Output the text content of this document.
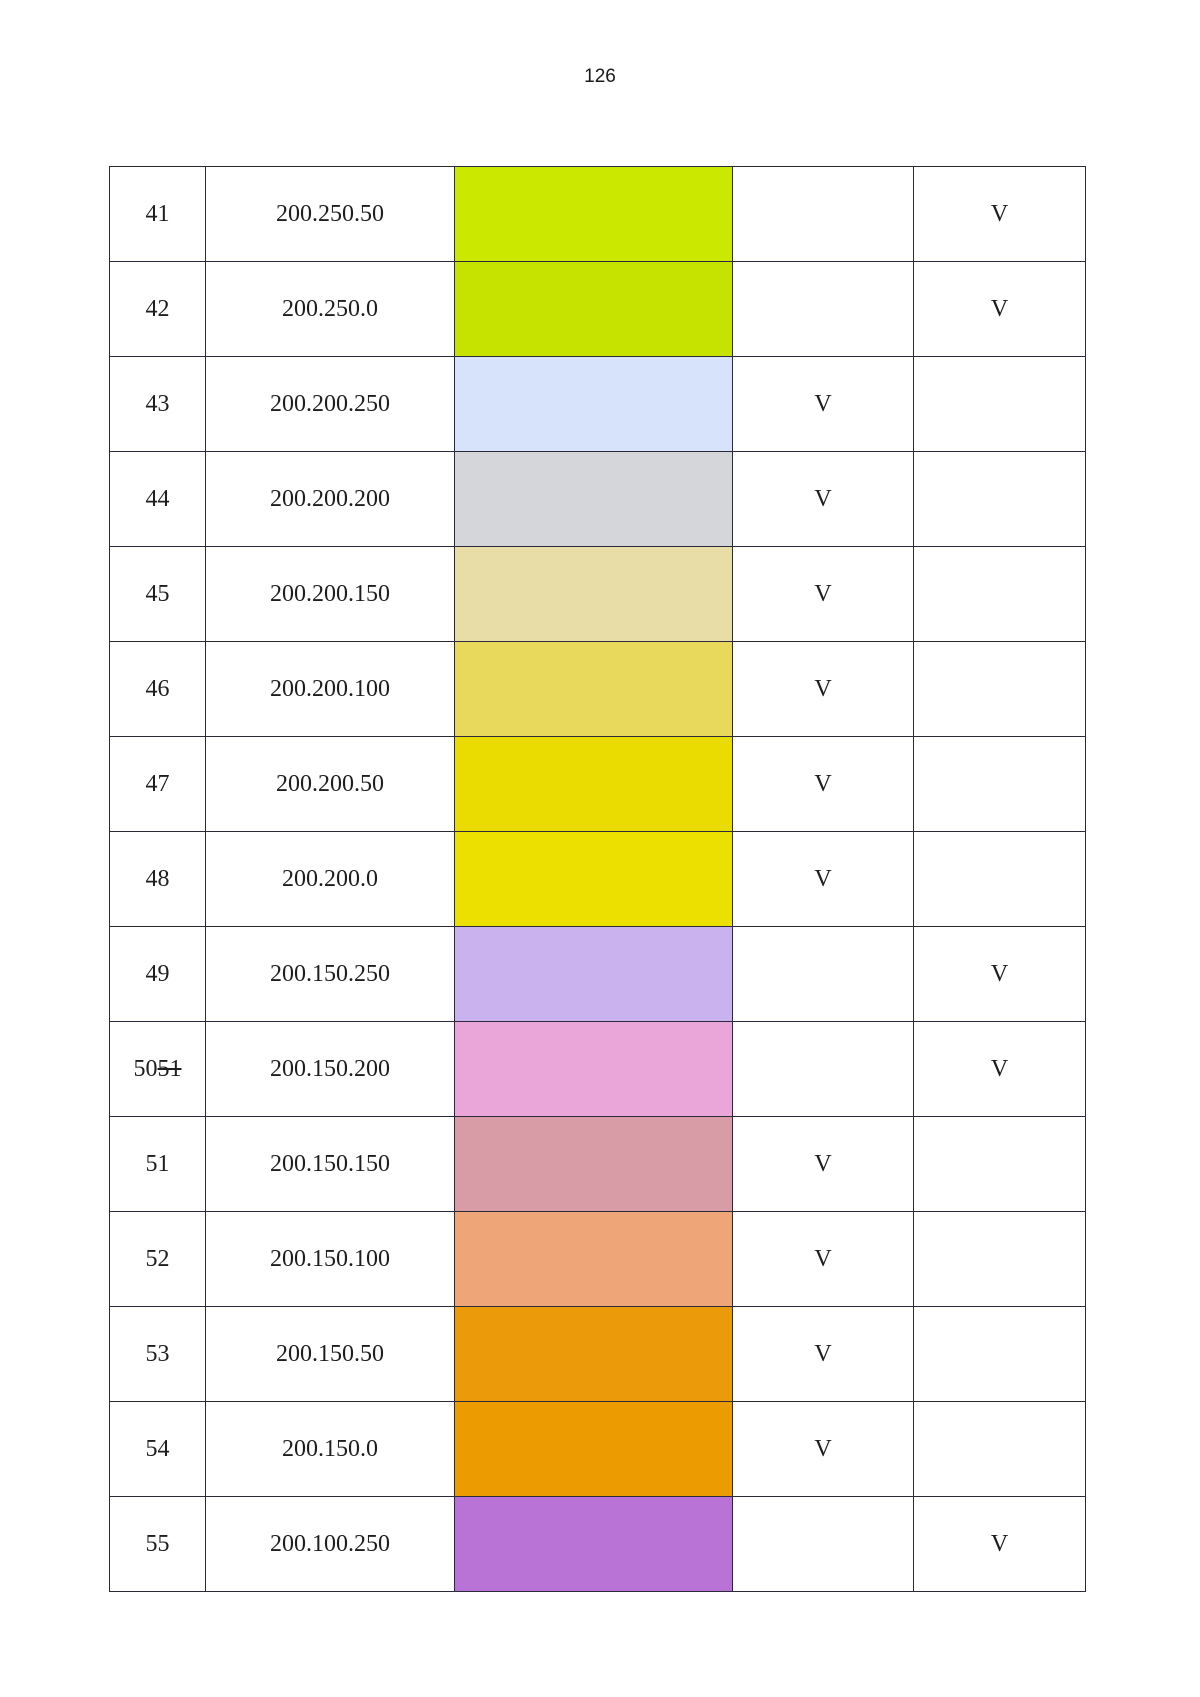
126
41	200.250.50			V
42	200.250.0			V
43	200.200.250		V	
44	200.200.200		V	
45	200.200.150		V	
46	200.200.100		V	
47	200.200.50		V	
48	200.200.0		V	
49	200.150.250			V
5051	200.150.200			V
51	200.150.150		V	
52	200.150.100		V	
53	200.150.50		V	
54	200.150.0		V	
55	200.100.250			V
